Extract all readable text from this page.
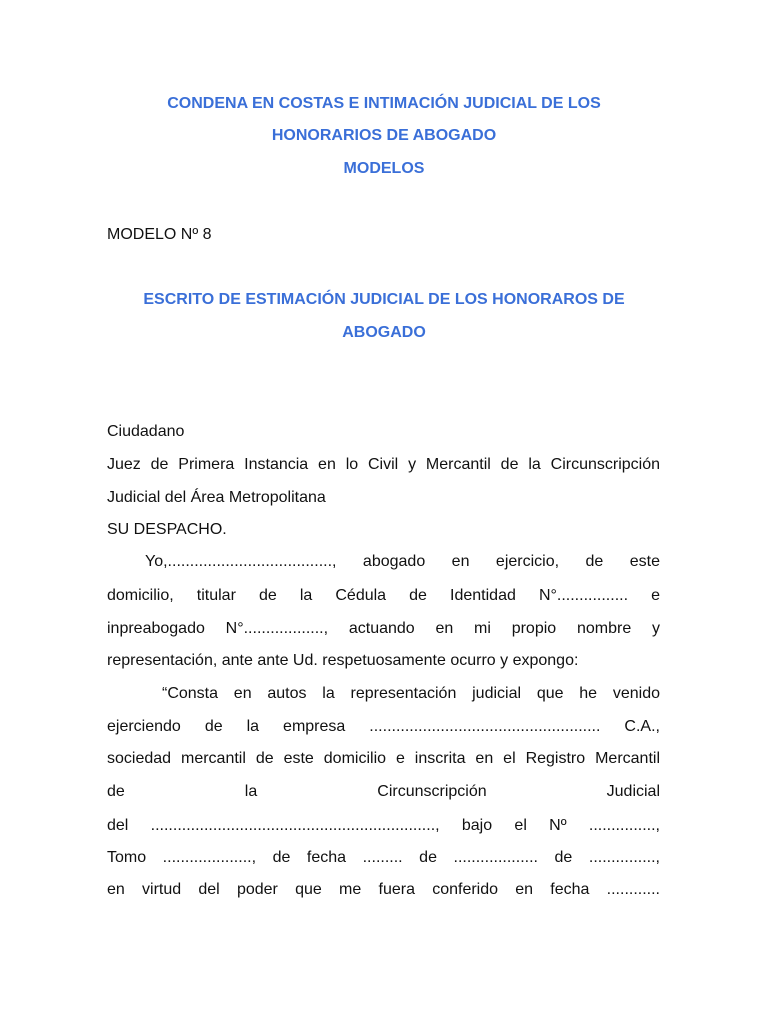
CONDENA EN COSTAS E INTIMACIÓN JUDICIAL DE LOS
HONORARIOS DE ABOGADO
MODELOS
MODELO Nº 8
ESCRITO DE ESTIMACIÓN JUDICIAL DE LOS HONORAROS DE
ABOGADO
Ciudadano
Juez de Primera Instancia en lo Civil y Mercantil de la Circunscripción
Judicial del Área Metropolitana
SU DESPACHO.
Yo,....................................., abogado en ejercicio, de este
domicilio, titular de la Cédula de Identidad N°................ e
inpreabogado N°.................., actuando en mi propio nombre y
representación, ante ante Ud. respetuosamente ocurro y expongo:
“Consta en autos la representación judicial que he venido
ejerciendo de la empresa .................................................... C.A.,
sociedad mercantil de este domicilio e inscrita en el Registro Mercantil
de la Circunscripción Judicial
del ................................................................, bajo el Nº ...............,
Tomo ...................., de fecha ......... de ................... de ...............,
en virtud del poder que me fuera conferido en fecha ............
